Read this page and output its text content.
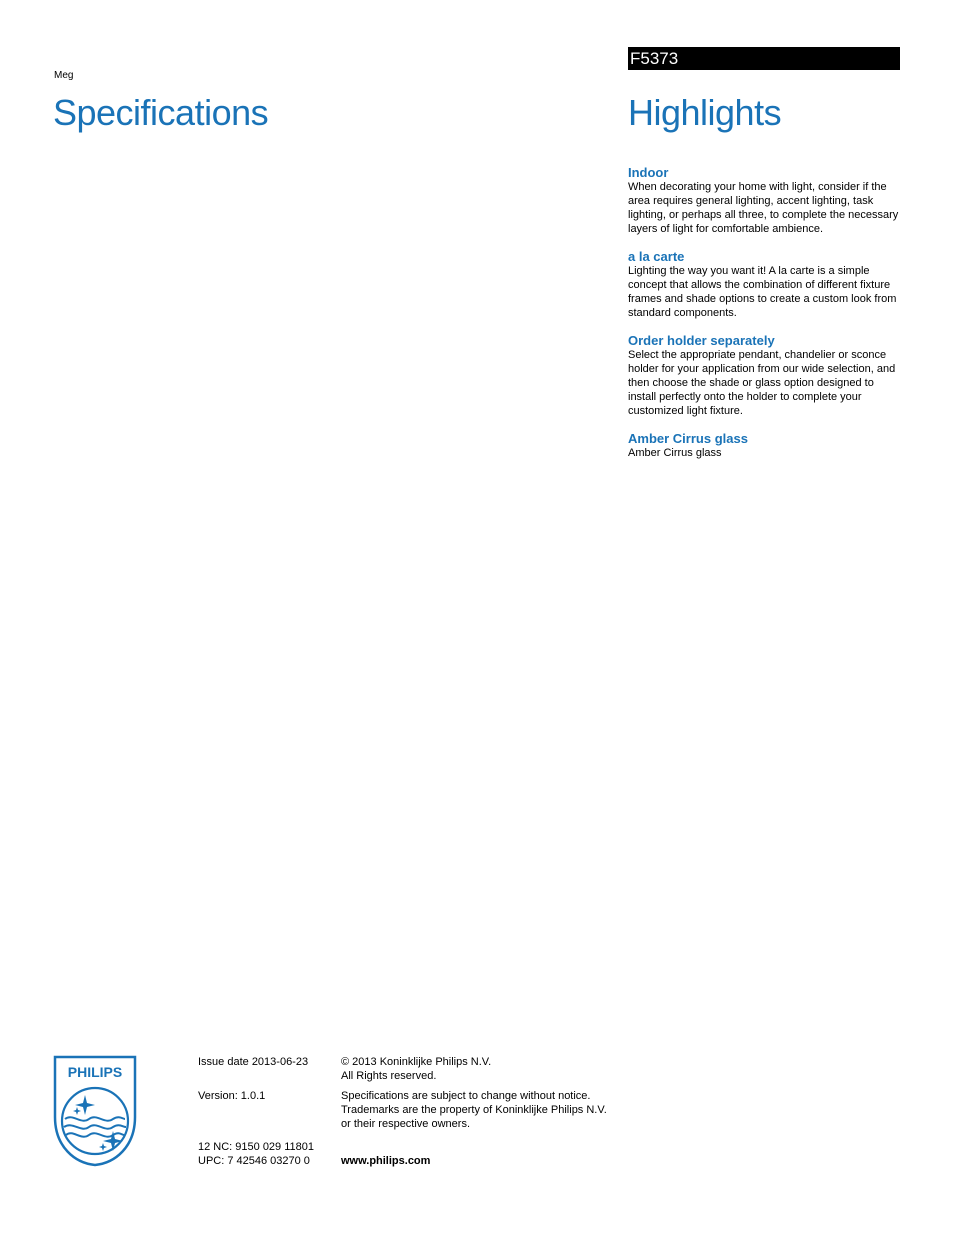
Meg
Specifications
F5373
Highlights
Indoor
When decorating your home with light, consider if the area requires general lighting, accent lighting, task lighting, or perhaps all three, to complete the necessary layers of light for comfortable ambience.
a la carte
Lighting the way you want it! A la carte is a simple concept that allows the combination of different fixture frames and shade options to create a custom look from standard components.
Order holder separately
Select the appropriate pendant, chandelier or sconce holder for your application from our wide selection, and then choose the shade or glass option designed to install perfectly onto the holder to complete your customized light fixture.
Amber Cirrus glass
Amber Cirrus glass
PHILIPS
Issue date 2013-06-23
Version: 1.0.1
12 NC: 9150 029 11801
UPC: 7 42546 03270 0
© 2013 Koninklijke Philips N.V.
All Rights reserved.
Specifications are subject to change without notice.
Trademarks are the property of Koninklijke Philips N.V.
or their respective owners.
www.philips.com
